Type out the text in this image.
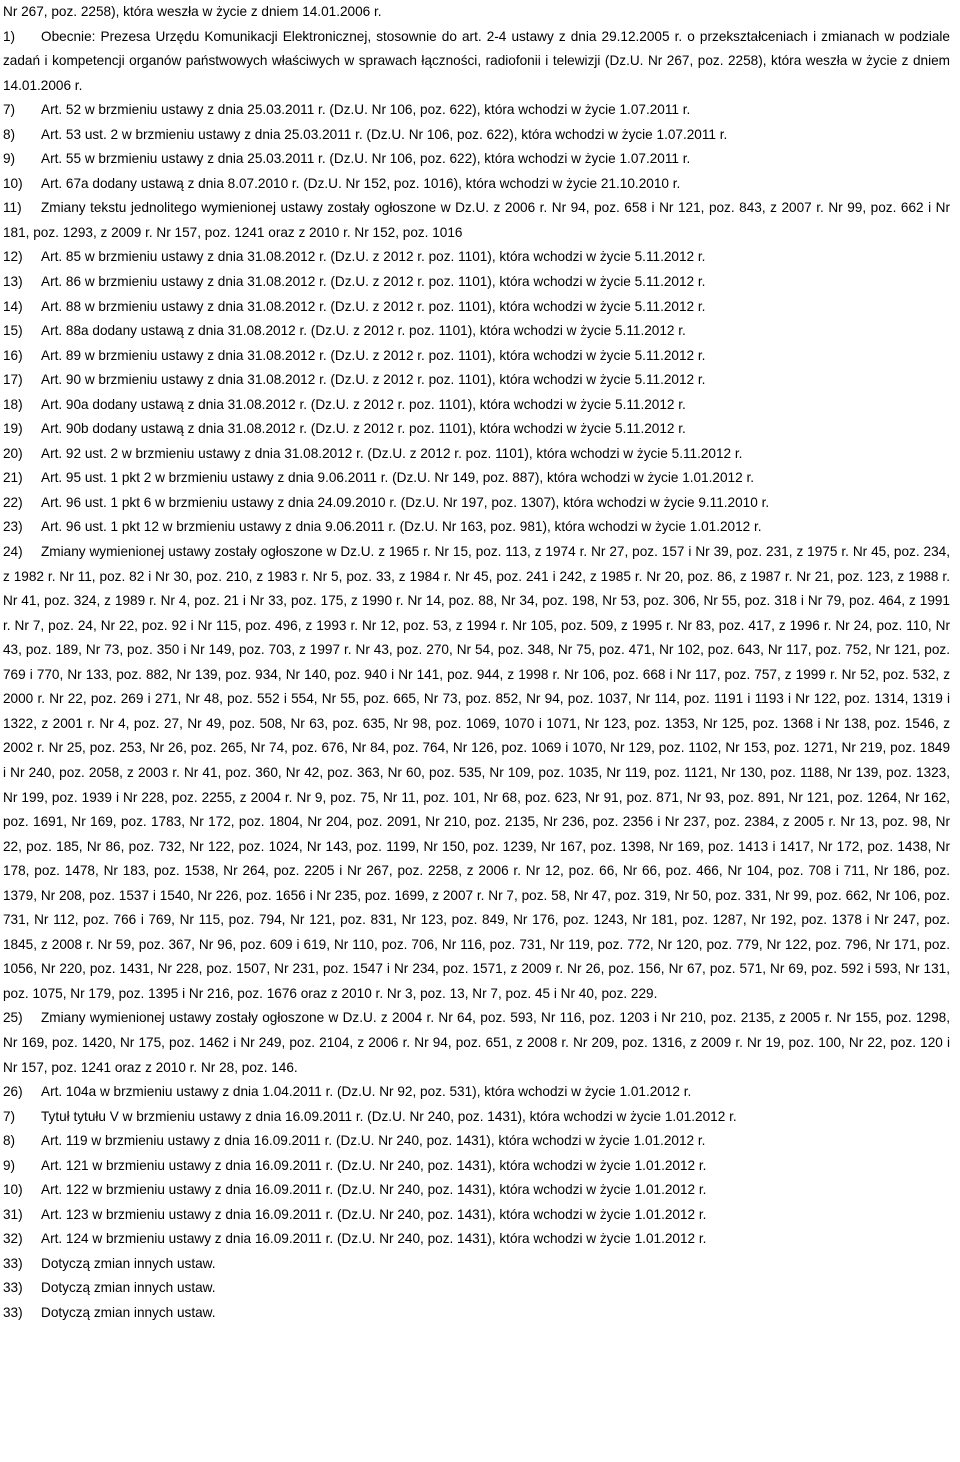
Nr 267, poz. 2258), która weszła w życie z dniem 14.01.2006 r.

1) Obecnie: Prezesa Urzędu Komunikacji Elektronicznej, stosownie do art. 2-4 ustawy z dnia 29.12.2005 r. o przekształceniach i zmianach w podziale zadań i kompetencji organów państwowych właściwych w sprawach łączności, radiofonii i telewizji (Dz.U. Nr 267, poz. 2258), która weszła w życie z dniem 14.01.2006 r.

7) Art. 52 w brzmieniu ustawy z dnia 25.03.2011 r. (Dz.U. Nr 106, poz. 622), która wchodzi w życie 1.07.2011 r.

8) Art. 53 ust. 2 w brzmieniu ustawy z dnia 25.03.2011 r. (Dz.U. Nr 106, poz. 622), która wchodzi w życie 1.07.2011 r.

9) Art. 55 w brzmieniu ustawy z dnia 25.03.2011 r. (Dz.U. Nr 106, poz. 622), która wchodzi w życie 1.07.2011 r.

10) Art. 67a dodany ustawą z dnia 8.07.2010 r. (Dz.U. Nr 152, poz. 1016), która wchodzi w życie 21.10.2010 r.

11) Zmiany tekstu jednolitego wymienionej ustawy zostały ogłoszone w Dz.U. z 2006 r. Nr 94, poz. 658 i Nr 121, poz. 843, z 2007 r. Nr 99, poz. 662 i Nr 181, poz. 1293, z 2009 r. Nr 157, poz. 1241 oraz z 2010 r. Nr 152, poz. 1016

12) Art. 85 w brzmieniu ustawy z dnia 31.08.2012 r. (Dz.U. z 2012 r. poz. 1101), która wchodzi w życie 5.11.2012 r.

13) Art. 86 w brzmieniu ustawy z dnia 31.08.2012 r. (Dz.U. z 2012 r. poz. 1101), która wchodzi w życie 5.11.2012 r.

14) Art. 88 w brzmieniu ustawy z dnia 31.08.2012 r. (Dz.U. z 2012 r. poz. 1101), która wchodzi w życie 5.11.2012 r.

15) Art. 88a dodany ustawą z dnia 31.08.2012 r. (Dz.U. z 2012 r. poz. 1101), która wchodzi w życie 5.11.2012 r.

16) Art. 89 w brzmieniu ustawy z dnia 31.08.2012 r. (Dz.U. z 2012 r. poz. 1101), która wchodzi w życie 5.11.2012 r.

17) Art. 90 w brzmieniu ustawy z dnia 31.08.2012 r. (Dz.U. z 2012 r. poz. 1101), która wchodzi w życie 5.11.2012 r.

18) Art. 90a dodany ustawą z dnia 31.08.2012 r. (Dz.U. z 2012 r. poz. 1101), która wchodzi w życie 5.11.2012 r.

19) Art. 90b dodany ustawą z dnia 31.08.2012 r. (Dz.U. z 2012 r. poz. 1101), która wchodzi w życie 5.11.2012 r.

20) Art. 92 ust. 2 w brzmieniu ustawy z dnia 31.08.2012 r. (Dz.U. z 2012 r. poz. 1101), która wchodzi w życie 5.11.2012 r.

21) Art. 95 ust. 1 pkt 2 w brzmieniu ustawy z dnia 9.06.2011 r. (Dz.U. Nr 149, poz. 887), która wchodzi w życie 1.01.2012 r.

22) Art. 96 ust. 1 pkt 6 w brzmieniu ustawy z dnia 24.09.2010 r. (Dz.U. Nr 197, poz. 1307), która wchodzi w życie 9.11.2010 r.

23) Art. 96 ust. 1 pkt 12 w brzmieniu ustawy z dnia 9.06.2011 r. (Dz.U. Nr 163, poz. 981), która wchodzi w życie 1.01.2012 r.

24) Zmiany wymienionej ustawy zostały ogłoszone w Dz.U. z 1965 r. Nr 15, poz. 113, z 1974 r. Nr 27, poz. 157 i Nr 39, poz. 231, z 1975 r. Nr 45, poz. 234, z 1982 r. Nr 11, poz. 82 i Nr 30, poz. 210, z 1983 r. Nr 5, poz. 33, z 1984 r. Nr 45, poz. 241 i 242, z 1985 r. Nr 20, poz. 86, z 1987 r. Nr 21, poz. 123, z 1988 r. Nr 41, poz. 324, z 1989 r. Nr 4, poz. 21 i Nr 33, poz. 175, z 1990 r. Nr 14, poz. 88, Nr 34, poz. 198, Nr 53, poz. 306, Nr 55, poz. 318 i Nr 79, poz. 464, z 1991 r. Nr 7, poz. 24, Nr 22, poz. 92 i Nr 115, poz. 496, z 1993 r. Nr 12, poz. 53, z 1994 r. Nr 105, poz. 509, z 1995 r. Nr 83, poz. 417, z 1996 r. Nr 24, poz. 110, Nr 43, poz. 189, Nr 73, poz. 350 i Nr 149, poz. 703, z 1997 r. Nr 43, poz. 270, Nr 54, poz. 348, Nr 75, poz. 471, Nr 102, poz. 643, Nr 117, poz. 752, Nr 121, poz. 769 i 770, Nr 133, poz. 882, Nr 139, poz. 934, Nr 140, poz. 940 i Nr 141, poz. 944, z 1998 r. Nr 106, poz. 668 i Nr 117, poz. 757, z 1999 r. Nr 52, poz. 532, z 2000 r. Nr 22, poz. 269 i 271, Nr 48, poz. 552 i 554, Nr 55, poz. 665, Nr 73, poz. 852, Nr 94, poz. 1037, Nr 114, poz. 1191 i 1193 i Nr 122, poz. 1314, 1319 i 1322, z 2001 r. Nr 4, poz. 27, Nr 49, poz. 508, Nr 63, poz. 635, Nr 98, poz. 1069, 1070 i 1071, Nr 123, poz. 1353, Nr 125, poz. 1368 i Nr 138, poz. 1546, z 2002 r. Nr 25, poz. 253, Nr 26, poz. 265, Nr 74, poz. 676, Nr 84, poz. 764, Nr 126, poz. 1069 i 1070, Nr 129, poz. 1102, Nr 153, poz. 1271, Nr 219, poz. 1849 i Nr 240, poz. 2058, z 2003 r. Nr 41, poz. 360, Nr 42, poz. 363, Nr 60, poz. 535, Nr 109, poz. 1035, Nr 119, poz. 1121, Nr 130, poz. 1188, Nr 139, poz. 1323, Nr 199, poz. 1939 i Nr 228, poz. 2255, z 2004 r. Nr 9, poz. 75, Nr 11, poz. 101, Nr 68, poz. 623, Nr 91, poz. 871, Nr 93, poz. 891, Nr 121, poz. 1264, Nr 162, poz. 1691, Nr 169, poz. 1783, Nr 172, poz. 1804, Nr 204, poz. 2091, Nr 210, poz. 2135, Nr 236, poz. 2356 i Nr 237, poz. 2384, z 2005 r. Nr 13, poz. 98, Nr 22, poz. 185, Nr 86, poz. 732, Nr 122, poz. 1024, Nr 143, poz. 1199, Nr 150, poz. 1239, Nr 167, poz. 1398, Nr 169, poz. 1413 i 1417, Nr 172, poz. 1438, Nr 178, poz. 1478, Nr 183, poz. 1538, Nr 264, poz. 2205 i Nr 267, poz. 2258, z 2006 r. Nr 12, poz. 66, Nr 66, poz. 466, Nr 104, poz. 708 i 711, Nr 186, poz. 1379, Nr 208, poz. 1537 i 1540, Nr 226, poz. 1656 i Nr 235, poz. 1699, z 2007 r. Nr 7, poz. 58, Nr 47, poz. 319, Nr 50, poz. 331, Nr 99, poz. 662, Nr 106, poz. 731, Nr 112, poz. 766 i 769, Nr 115, poz. 794, Nr 121, poz. 831, Nr 123, poz. 849, Nr 176, poz. 1243, Nr 181, poz. 1287, Nr 192, poz. 1378 i Nr 247, poz. 1845, z 2008 r. Nr 59, poz. 367, Nr 96, poz. 609 i 619, Nr 110, poz. 706, Nr 116, poz. 731, Nr 119, poz. 772, Nr 120, poz. 779, Nr 122, poz. 796, Nr 171, poz. 1056, Nr 220, poz. 1431, Nr 228, poz. 1507, Nr 231, poz. 1547 i Nr 234, poz. 1571, z 2009 r. Nr 26, poz. 156, Nr 67, poz. 571, Nr 69, poz. 592 i 593, Nr 131, poz. 1075, Nr 179, poz. 1395 i Nr 216, poz. 1676 oraz z 2010 r. Nr 3, poz. 13, Nr 7, poz. 45 i Nr 40, poz. 229.

25) Zmiany wymienionej ustawy zostały ogłoszone w Dz.U. z 2004 r. Nr 64, poz. 593, Nr 116, poz. 1203 i Nr 210, poz. 2135, z 2005 r. Nr 155, poz. 1298, Nr 169, poz. 1420, Nr 175, poz. 1462 i Nr 249, poz. 2104, z 2006 r. Nr 94, poz. 651, z 2008 r. Nr 209, poz. 1316, z 2009 r. Nr 19, poz. 100, Nr 22, poz. 120 i Nr 157, poz. 1241 oraz z 2010 r. Nr 28, poz. 146.

26) Art. 104a w brzmieniu ustawy z dnia 1.04.2011 r. (Dz.U. Nr 92, poz. 531), która wchodzi w życie 1.01.2012 r.

7) Tytuł tytułu V w brzmieniu ustawy z dnia 16.09.2011 r. (Dz.U. Nr 240, poz. 1431), która wchodzi w życie 1.01.2012 r.

8) Art. 119 w brzmieniu ustawy z dnia 16.09.2011 r. (Dz.U. Nr 240, poz. 1431), która wchodzi w życie 1.01.2012 r.

9) Art. 121 w brzmieniu ustawy z dnia 16.09.2011 r. (Dz.U. Nr 240, poz. 1431), która wchodzi w życie 1.01.2012 r.

10) Art. 122 w brzmieniu ustawy z dnia 16.09.2011 r. (Dz.U. Nr 240, poz. 1431), która wchodzi w życie 1.01.2012 r.

31) Art. 123 w brzmieniu ustawy z dnia 16.09.2011 r. (Dz.U. Nr 240, poz. 1431), która wchodzi w życie 1.01.2012 r.

32) Art. 124 w brzmieniu ustawy z dnia 16.09.2011 r. (Dz.U. Nr 240, poz. 1431), która wchodzi w życie 1.01.2012 r.

33) Dotyczą zmian innych ustaw.

33) Dotyczą zmian innych ustaw.

33) Dotyczą zmian innych ustaw.
